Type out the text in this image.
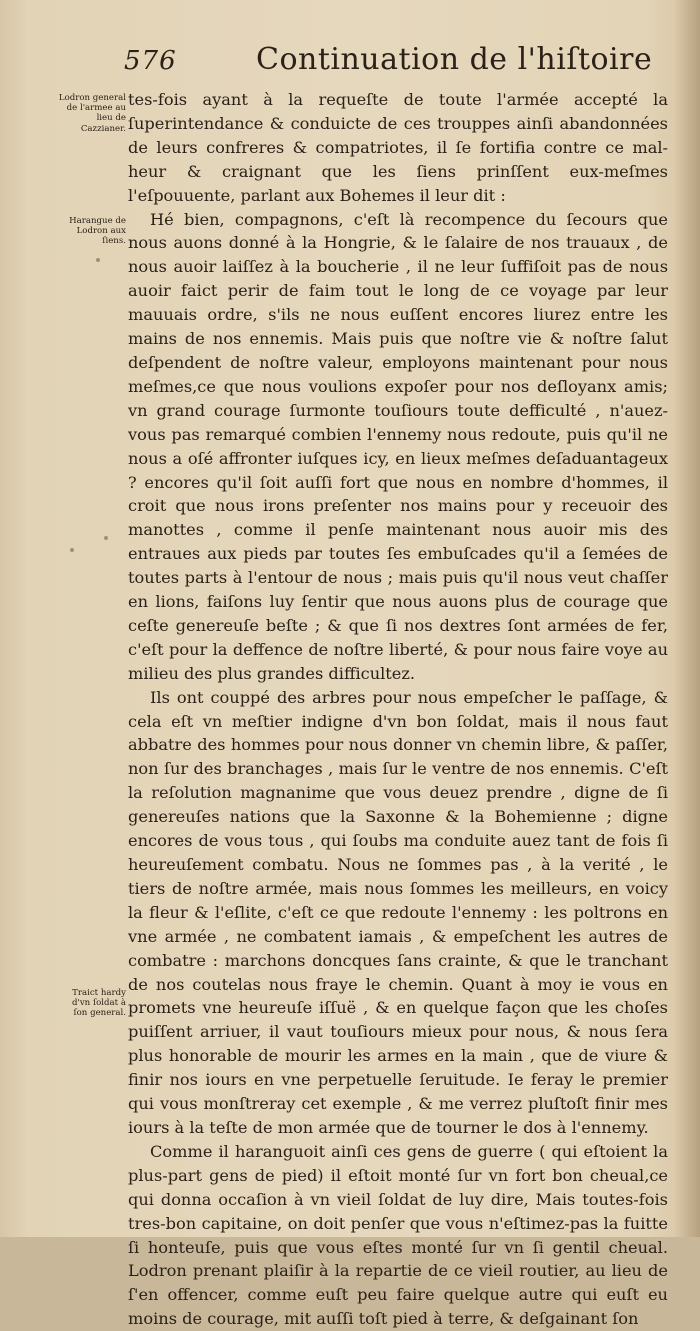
576	Continuation de l'hiſtoire
Lodron general de l'armee au lieu de Cazzianer.
Harangue de Lodron aux ſiens.
Traict hardy d'vn ſoldat à ſon general.

tes-fois ayant à la requeſte de toute l'armée accepté la ſuperintendance & conduicte de ces trouppes ainſi abandonnées de leurs confreres & compatriotes, il ſe fortifia contre ce mal-heur & craignant que les ſiens prinſſent eux-meſmes l'eſpouuente, parlant aux Bohemes il leur dit :

Hé bien, compagnons, c'eſt là recompence du ſecours que nous auons donné à la Hongrie, & le ſalaire de nos trauaux , de nous auoir laiſſez à la boucherie , il ne leur ſuffiſoit pas de nous auoir faict perir de faim tout le long de ce voyage par leur mauuais ordre, s'ils ne nous euſſent encores liurez entre les mains de nos ennemis. Mais puis que noſtre vie & noſtre ſalut deſpendent de noſtre valeur, employons maintenant pour nous meſmes,ce que nous voulions expoſer pour nos deſloyanx amis; vn grand courage ſurmonte touſiours toute defficulté , n'auez-vous pas remarqué combien l'ennemy nous redoute, puis qu'il ne nous a oſé affronter iuſques icy, en lieux meſmes deſaduantageux ? encores qu'il ſoit auſſi fort que nous en nombre d'hommes, il croit que nous irons preſenter nos mains pour y receuoir des manottes , comme il penſe maintenant nous auoir mis des entraues aux pieds par toutes ſes embuſcades qu'il a ſemées de toutes parts à l'entour de nous ; mais puis qu'il nous veut chaſſer en lions, faiſons luy ſentir que nous auons plus de courage que ceſte genereuſe beſte ; & que ſi nos dextres ſont armées de fer, c'eſt pour la deffence de noſtre liberté, & pour nous faire voye au milieu des plus grandes difficultez.

Ils ont couppé des arbres pour nous empeſcher le paſſage, & cela eſt vn meſtier indigne d'vn bon ſoldat, mais il nous faut abbatre des hommes pour nous donner vn chemin libre, & paſſer, non ſur des branchages , mais ſur le ventre de nos ennemis. C'eſt la reſolution magnanime que vous deuez prendre , digne de ſi genereuſes nations que la Saxonne & la Bohemienne ; digne encores de vous tous , qui ſoubs ma conduite auez tant de fois ſi heureuſement combatu. Nous ne ſommes pas , à la verité , le tiers de noſtre armée, mais nous ſommes les meilleurs, en voicy la fleur & l'eſlite, c'eſt ce que redoute l'ennemy : les poltrons en vne armée , ne combatent iamais , & empeſchent les autres de combatre : marchons doncques ſans crainte, & que le tranchant de nos coutelas nous fraye le chemin. Quant à moy ie vous en promets vne heureuſe iſſuë , & en quelque façon que les choſes puiſſent arriuer, il vaut touſiours mieux pour nous, & nous ſera plus honorable de mourir les armes en la main , que de viure & finir nos iours en vne perpetuelle ſeruitude. Ie feray le premier qui vous monſtreray cet exemple , & me verrez pluſtoſt finir mes iours à la teſte de mon armée que de tourner le dos à l'ennemy.

Comme il haranguoit ainſi ces gens de guerre ( qui eſtoient la plus-part gens de pied) il eſtoit monté ſur vn fort bon cheual,ce qui donna occaſion à vn vieil ſoldat de luy dire, Mais toutes-fois tres-bon capitaine, on doit penſer que vous n'eſtimez-pas la fuitte ſi honteuſe, puis que vous eſtes monté ſur vn ſi gentil cheual. Lodron prenant plaiſir à la repartie de ce vieil routier, au lieu de ſ'en offencer, comme euſt peu faire quelque autre qui euſt eu moins de courage, mit auſſi toſt pied à terre, & deſgainant ſon
